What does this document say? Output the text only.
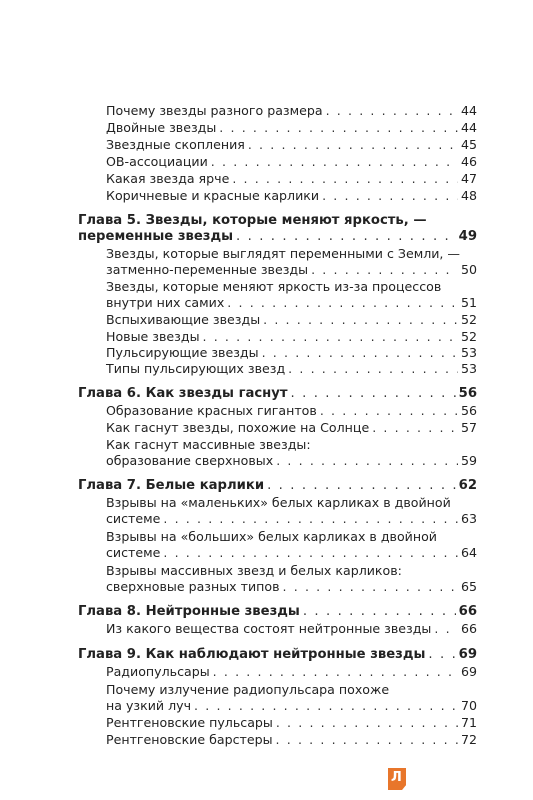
Почему звезды разного размера . . .	44
Двойные звезды . . .	44
Звездные скопления . . .	45
ОВ-ассоциации . . .	46
Какая звезда ярче . . .	47
Коричневые и красные карлики . . .	48
Глава 5. Звезды, которые меняют яркость, —
переменные звезды . . .	49
Звезды, которые выглядят переменными с Земли, —
затменно-переменные звезды . . .	50
Звезды, которые меняют яркость из-за процессов
внутри них самих . . .	51
Вспыхивающие звезды . . .	52
Новые звезды . . .	52
Пульсирующие звезды . . .	53
Типы пульсирующих звезд . . .	53
Глава 6. Как звезды гаснут . . .	56
Образование красных гигантов . . .	56
Как гаснут звезды, похожие на Солнце . . .	57
Как гаснут массивные звезды:
образование сверхновых . . .	59
Глава 7. Белые карлики . . .	62
Взрывы на «маленьких» белых карликах в двойной
системе . . .	63
Взрывы на «больших» белых карликах в двойной
системе . . .	64
Взрывы массивных звезд и белых карликов:
сверхновые разных типов . . .	65
Глава 8. Нейтронные звезды . . .	66
Из какого вещества состоят нейтронные звезды . . . 66
Глава 9. Как наблюдают нейтронные звезды . . .	69
Радиопульсары . . .	69
Почему излучение радиопульсара похоже
на узкий луч . . .	70
Рентгеновские пульсары . . .	71
Рентгеновские барстеры . . .	72
Л
